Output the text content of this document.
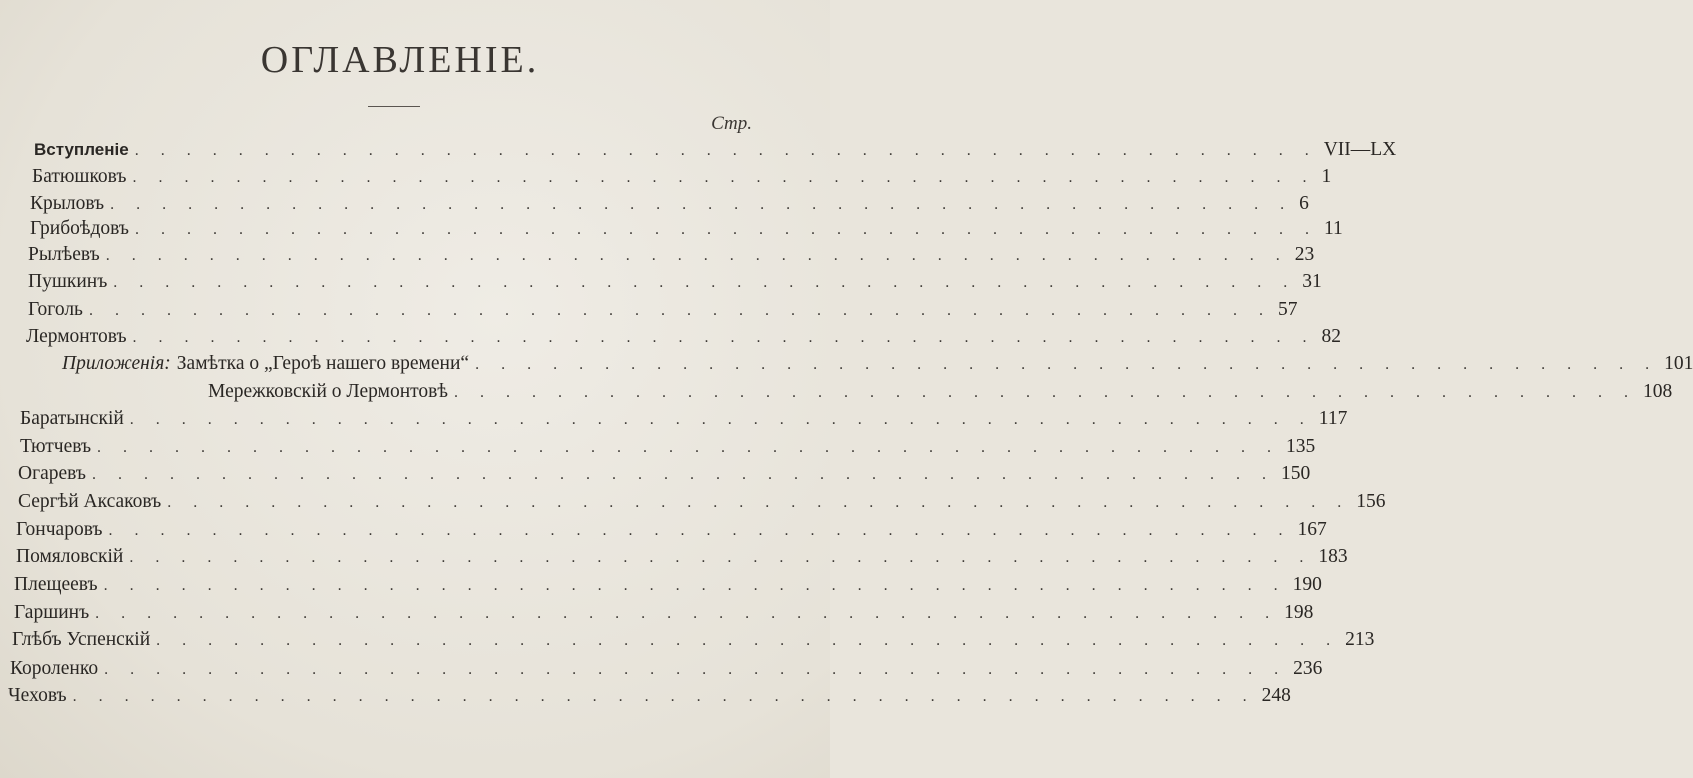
ОГЛАВЛЕНIЕ.
Стр.
Вступленiе . . . . . . . . . . . . . . . . . . . . . . . . . . . . . . . . . . . . . . . . . . . . . . VII—LX
Батюшковъ . . . . . . . . . . . . . . . . . . . . . . . . . . . . . . . . . . . . . . . . . . . . . . 1
Крыловъ . . . . . . . . . . . . . . . . . . . . . . . . . . . . . . . . . . . . . . . . . . . . . . 6
Грибоѣдовъ . . . . . . . . . . . . . . . . . . . . . . . . . . . . . . . . . . . . . . . . . . . . . . 11
Рылѣевъ . . . . . . . . . . . . . . . . . . . . . . . . . . . . . . . . . . . . . . . . . . . . . . 23
Пушкинъ . . . . . . . . . . . . . . . . . . . . . . . . . . . . . . . . . . . . . . . . . . . . . . 31
Гоголь . . . . . . . . . . . . . . . . . . . . . . . . . . . . . . . . . . . . . . . . . . . . . . 57
Лермонтовъ . . . . . . . . . . . . . . . . . . . . . . . . . . . . . . . . . . . . . . . . . . . . . . 82
Приложенiя: Замѣтка о „Героѣ нашего времени“ . . . . . . . . . . . . . . . . . . . . . . . . . . . . . . . . . . . . . . . . . . . . . . 101
Мережковскiй о Лермонтовѣ . . . . . . . . . . . . . . . . . . . . . . . . . . . . . . . . . . . . . . . . . . . . . . 108
Баратынскiй . . . . . . . . . . . . . . . . . . . . . . . . . . . . . . . . . . . . . . . . . . . . . . 117
Тютчевъ . . . . . . . . . . . . . . . . . . . . . . . . . . . . . . . . . . . . . . . . . . . . . . 135
Огаревъ . . . . . . . . . . . . . . . . . . . . . . . . . . . . . . . . . . . . . . . . . . . . . . 150
Сергѣй Аксаковъ . . . . . . . . . . . . . . . . . . . . . . . . . . . . . . . . . . . . . . . . . . . . . . 156
Гончаровъ . . . . . . . . . . . . . . . . . . . . . . . . . . . . . . . . . . . . . . . . . . . . . . 167
Помяловскiй . . . . . . . . . . . . . . . . . . . . . . . . . . . . . . . . . . . . . . . . . . . . . . 183
Плещеевъ . . . . . . . . . . . . . . . . . . . . . . . . . . . . . . . . . . . . . . . . . . . . . . 190
Гаршинъ . . . . . . . . . . . . . . . . . . . . . . . . . . . . . . . . . . . . . . . . . . . . . . 198
Глѣбъ Успенскiй . . . . . . . . . . . . . . . . . . . . . . . . . . . . . . . . . . . . . . . . . . . . . . 213
Короленко . . . . . . . . . . . . . . . . . . . . . . . . . . . . . . . . . . . . . . . . . . . . . . 236
Чеховъ . . . . . . . . . . . . . . . . . . . . . . . . . . . . . . . . . . . . . . . . . . . . . . 248
